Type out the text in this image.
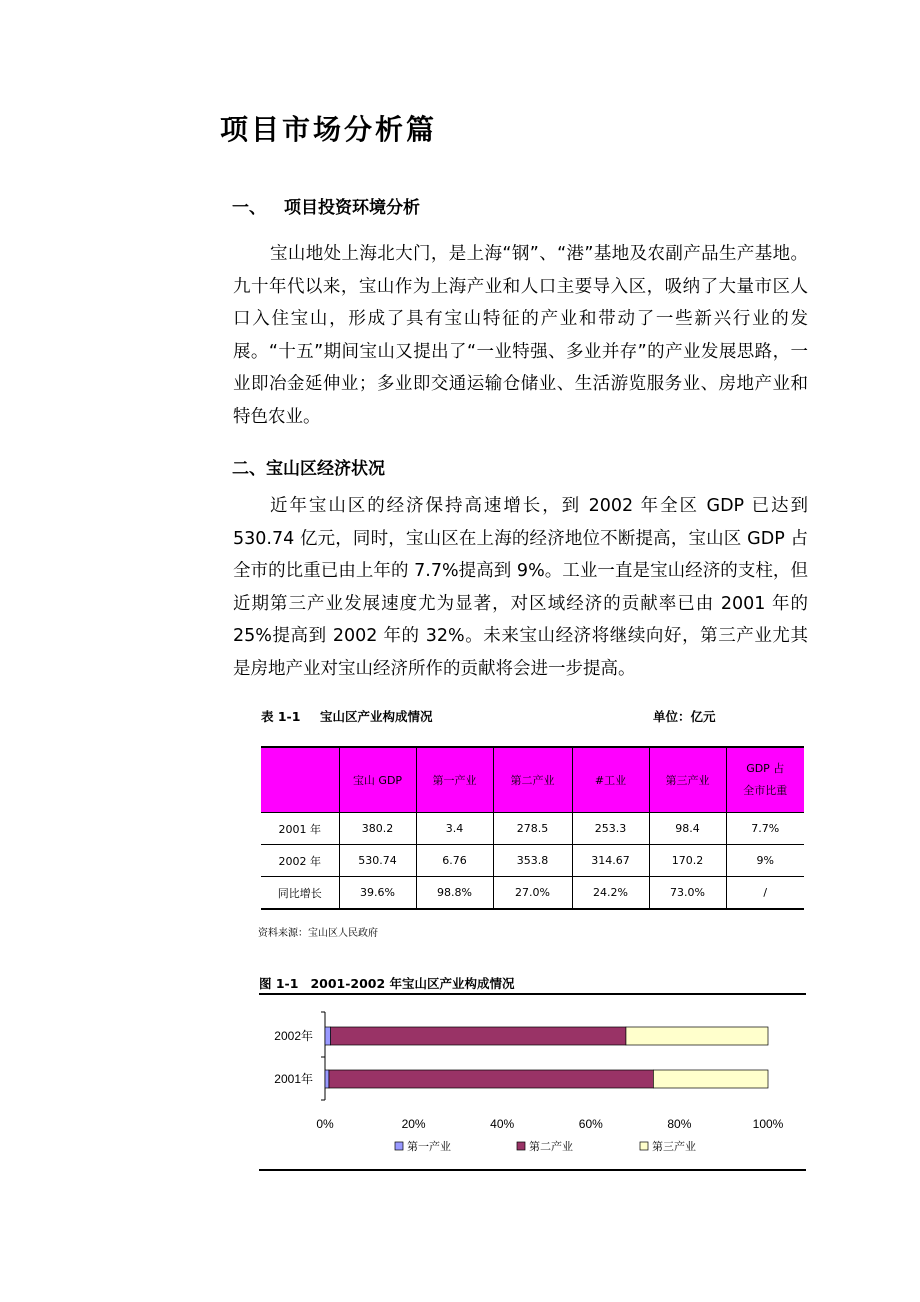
项目市场分析篇
一、 项目投资环境分析
宝山地处上海北大门，是上海“钢”、“港”基地及农副产品生产基地。九十年代以来，宝山作为上海产业和人口主要导入区，吸纳了大量市区人口入住宝山，形成了具有宝山特征的产业和带动了一些新兴行业的发展。“十五”期间宝山又提出了“一业特强、多业并存”的产业发展思路，一业即冶金延伸业；多业即交通运输仓储业、生活游览服务业、房地产业和特色农业。
二、宝山区经济状况
近年宝山区的经济保持高速增长，到 2002 年全区 GDP 已达到 530.74 亿元，同时，宝山区在上海的经济地位不断提高，宝山区 GDP 占全市的比重已由上年的 7.7%提高到 9%。工业一直是宝山经济的支柱，但近期第三产业发展速度尤为显著，对区域经济的贡献率已由 2001 年的 25%提高到 2002 年的 32%。未来宝山经济将继续向好，第三产业尤其是房地产业对宝山经济所作的贡献将会进一步提高。
表 1-1 宝山区产业构成情况	单位：亿元
	宝山 GDP	第一产业	第二产业	#工业	第三产业	GDP 占
全市比重

2001 年	380.2	3.4	278.5	253.3	98.4	7.7%
2002 年	530.74	6.76	353.8	314.67	170.2	9%
同比增长	39.6%	98.8%	27.0%	24.2%	73.0%	/
资料来源：宝山区人民政府
图 1-1 2001-2002 年宝山区产业构成情况
2002年
2001年
0%	20%	40%	60%	80%	100%
第一产业	第二产业	第三产业
